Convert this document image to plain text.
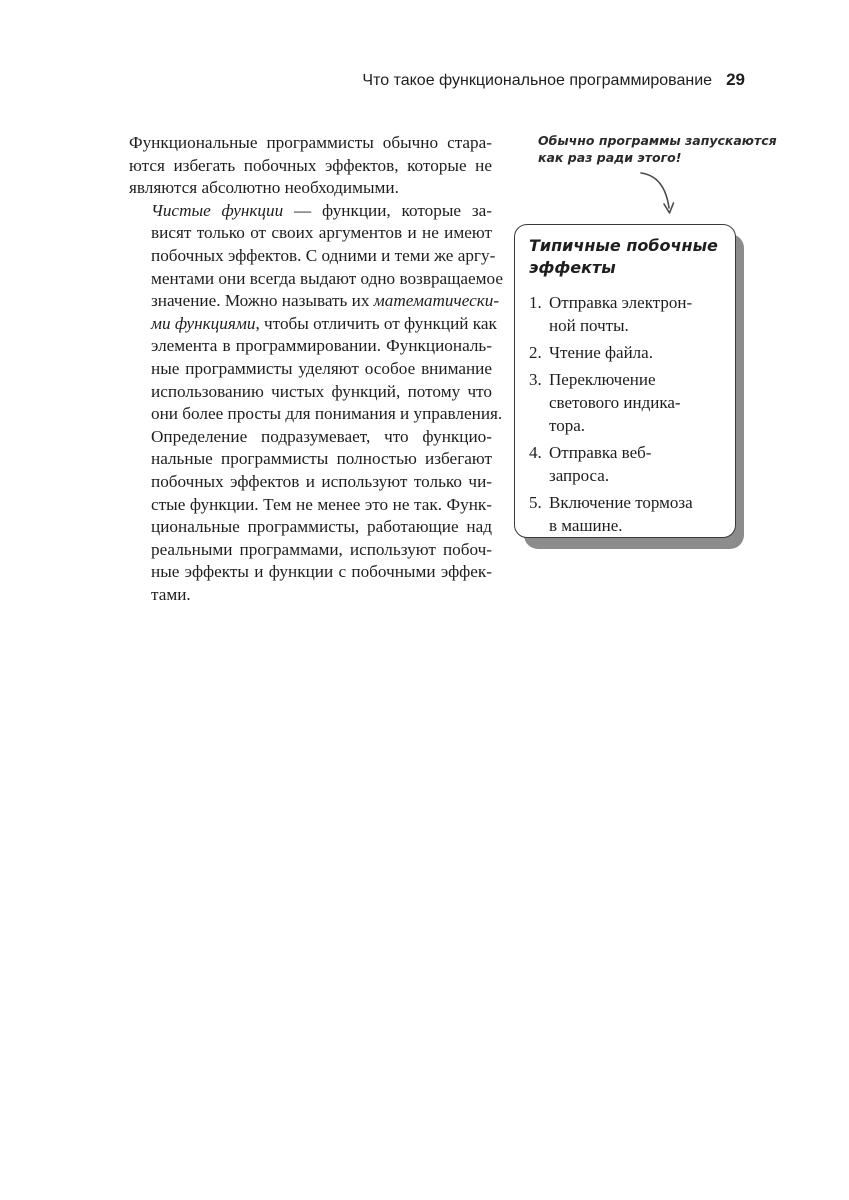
Что такое функциональное программирование 29

Функциональные программисты обычно стара-
ются избегать побочных эффектов, которые не
являются абсолютно необходимыми.

Чистые функции — функции, которые за-
висят только от своих аргументов и не имеют
побочных эффектов. С одними и теми же аргу-
ментами они всегда выдают одно возвращаемое
значение. Можно называть их математически-
ми функциями, чтобы отличить от функций как
элемента в программировании. Функциональ-
ные программисты уделяют особое внимание
использованию чистых функций, потому что
они более просты для понимания и управления.

Определение подразумевает, что функцио-
нальные программисты полностью избегают
побочных эффектов и используют только чи-
стые функции. Тем не менее это не так. Функ-
циональные программисты, работающие над
реальными программами, используют побоч-
ные эффекты и функции с побочными эффек-
тами.

Обычно программы запускаются
как раз ради этого!
Типичные побочные
эффекты
1. Отправка электрон-
ной почты.
2. Чтение файла.
3. Переключение
светового индика-
тора.
4. Отправка веб-
запроса.
5. Включение тормоза
в машине.
